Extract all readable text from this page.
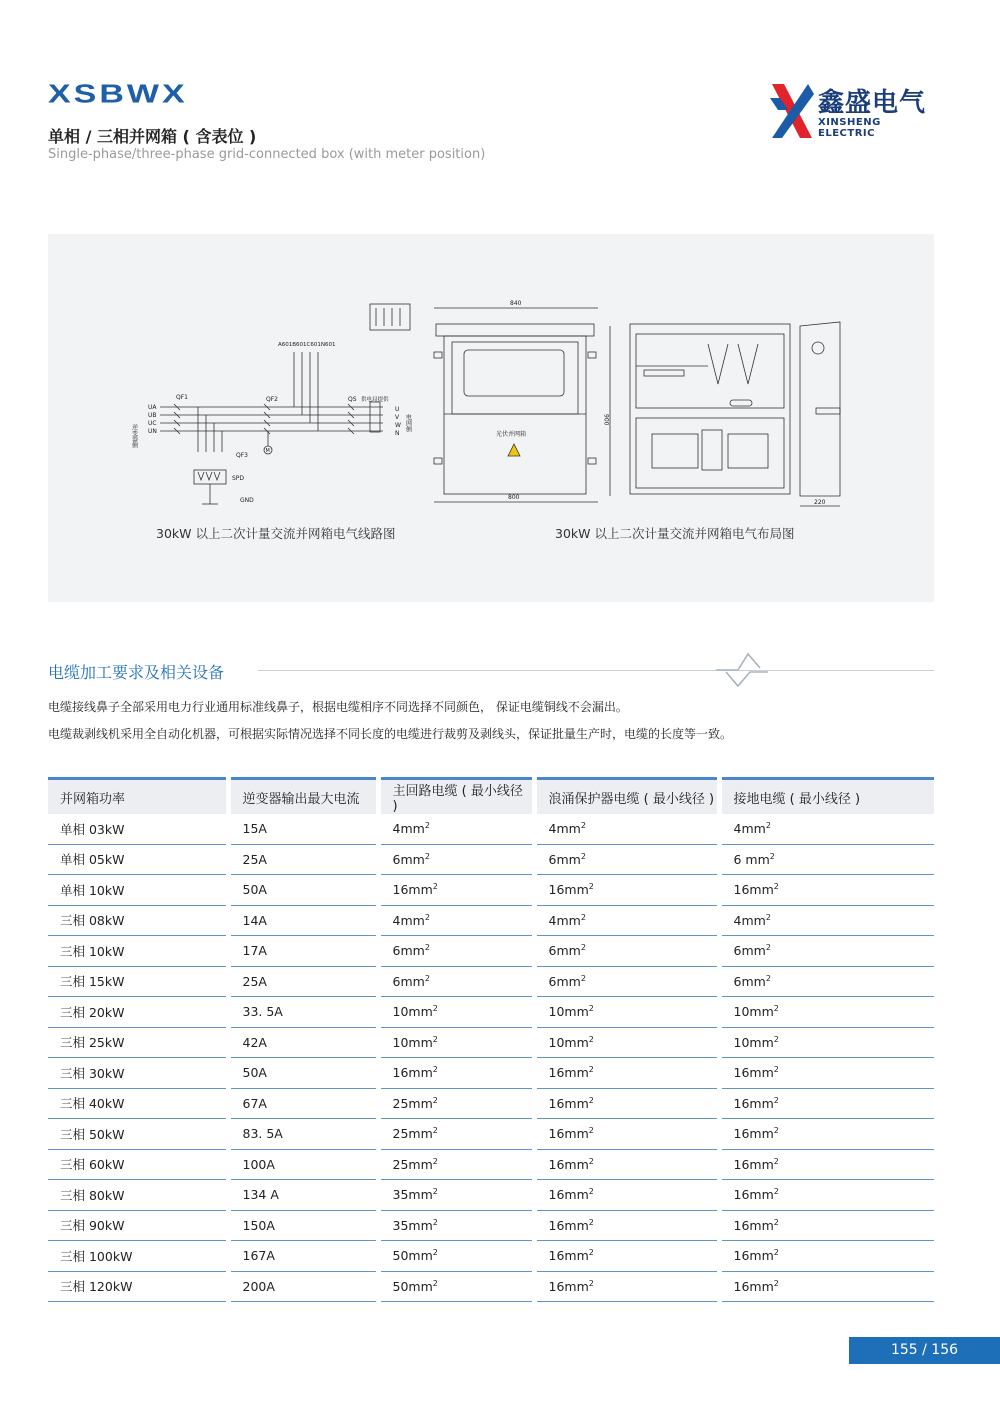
XSBWX
单相 / 三相并网箱 ( 含表位 )
Single-phase/three-phase grid-connected box (with meter position)
鑫盛电气
XINSHENG ELECTRIC
逆变器侧
UA
UB
UC
UN
QF1	QF2
A601B601C601N601
M
QS 供电局提供
U
V
W
N
电网侧
QF3
SPD
GND
840
光伏并网箱
800
900
220
30kW 以上二次计量交流并网箱电气线路图	30kW 以上二次计量交流并网箱电气布局图
电缆加工要求及相关设备
电缆接线鼻子全部采用电力行业通用标准线鼻子，根据电缆相序不同选择不同颜色， 保证电缆铜线不会漏出。
电缆裁剥线机采用全自动化机器，可根据实际情况选择不同长度的电缆进行裁剪及剥线头，保证批量生产时，电缆的长度等一致。
并网箱功率	逆变器输出最大电流	主回路电缆 ( 最小线径 )	浪涌保护器电缆 ( 最小线径 )	接地电缆 ( 最小线径 )
单相 03kW	15A	$4mm^2$	$4mm^2$	$4mm^2$
单相 05kW	25A	$6mm^2$	$6mm^2$	6 $mm^2$
单相 10kW	50A	$16mm^2$	$16mm^2$	$16mm^2$
三相 08kW	14A	$4mm^2$	$4mm^2$	$4mm^2$
三相 10kW	17A	$6mm^2$	$6mm^2$	$6mm^2$
三相 15kW	25A	$6mm^2$	$6mm^2$	$6mm^2$
三相 20kW	33. 5A	$10mm^2$	$10mm^2$	$10mm^2$
三相 25kW	42A	$10mm^2$	$10mm^2$	$10mm^2$
三相 30kW	50A	$16mm^2$	$16mm^2$	$16mm^2$
三相 40kW	67A	$25mm^2$	$16mm^2$	$16mm^2$
三相 50kW	83. 5A	$25mm^2$	$16mm^2$	$16mm^2$
三相 60kW	100A	$25mm^2$	$16mm^2$	$16mm^2$
三相 80kW	134 A	$35mm^2$	$16mm^2$	$16mm^2$
三相 90kW	150A	$35mm^2$	$16mm^2$	$16mm^2$
三相 100kW	167A	$50mm^2$	$16mm^2$	$16mm^2$
三相 120kW	200A	$50mm^2$	$16mm^2$	$16mm^2$
155 / 156
